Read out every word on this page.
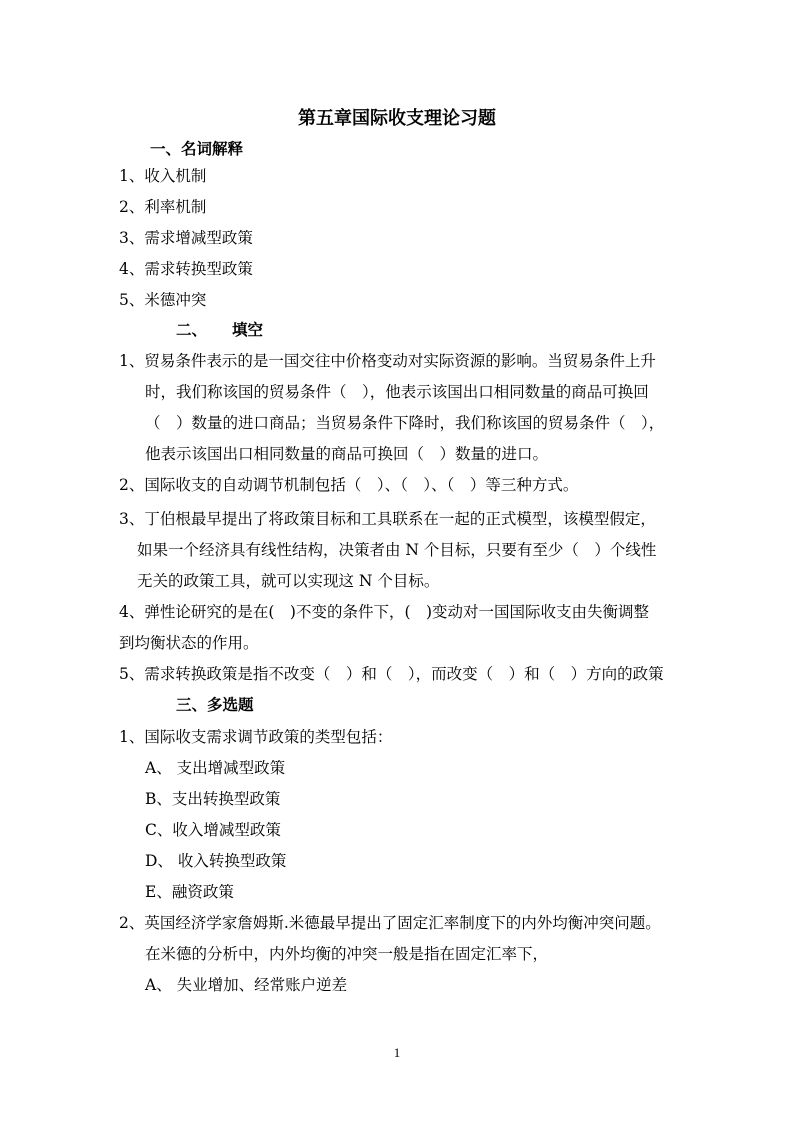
第五章国际收支理论习题
一、名词解释
1、收入机制
2、利率机制
3、需求增减型政策
4、需求转换型政策
5、米德冲突
二、 填空
1、贸易条件表示的是一国交往中价格变动对实际资源的影响。当贸易条件上升
时，我们称该国的贸易条件（　），他表示该国出口相同数量的商品可换回
（　）数量的进口商品；当贸易条件下降时，我们称该国的贸易条件（　），
他表示该国出口相同数量的商品可换回（　）数量的进口。
2、国际收支的自动调节机制包括（　）、（　）、（　）等三种方式。
3、丁伯根最早提出了将政策目标和工具联系在一起的正式模型，该模型假定，
如果一个经济具有线性结构，决策者由 N 个目标，只要有至少（　）个线性
无关的政策工具，就可以实现这 N 个目标。
4、弹性论研究的是在(　)不变的条件下，(　)变动对一国国际收支由失衡调整
到均衡状态的作用。
5、需求转换政策是指不改变（　）和（　），而改变（　）和（　）方向的政策
三、多选题
1、国际收支需求调节政策的类型包括：
A、 支出增减型政策
B、支出转换型政策
C、收入增减型政策
D、 收入转换型政策
E、融资政策
2、英国经济学家詹姆斯.米德最早提出了固定汇率制度下的内外均衡冲突问题。
在米德的分析中，内外均衡的冲突一般是指在固定汇率下，
A、 失业增加、经常账户逆差
1
